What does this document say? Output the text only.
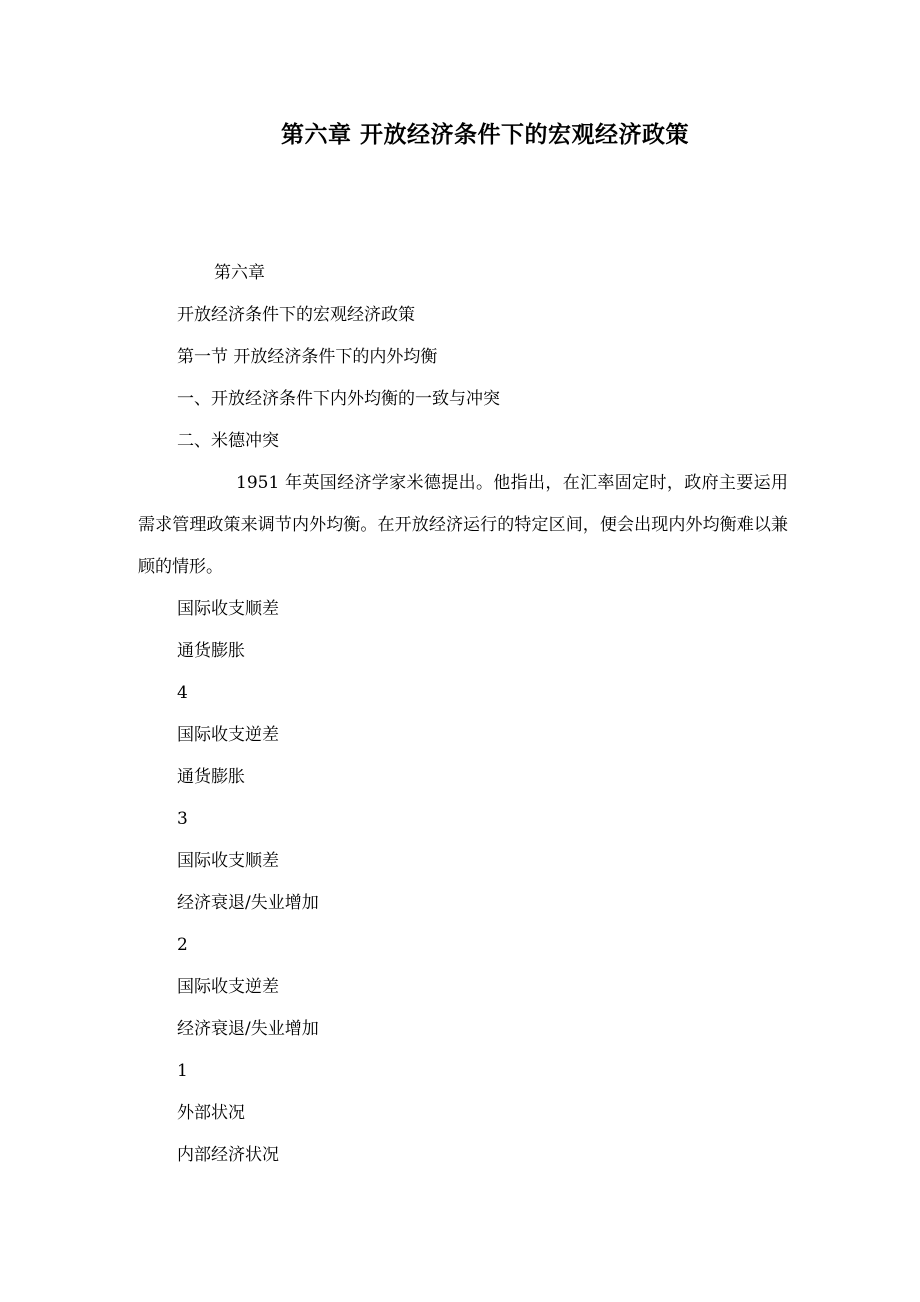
第六章 开放经济条件下的宏观经济政策
第六章
开放经济条件下的宏观经济政策
第一节 开放经济条件下的内外均衡
一、开放经济条件下内外均衡的一致与冲突
二、米德冲突
1951 年英国经济学家米德提出。他指出，在汇率固定时，政府主要运用需求管理政策来调节内外均衡。在开放经济运行的特定区间，便会出现内外均衡难以兼顾的情形。
国际收支顺差
通货膨胀
4
国际收支逆差
通货膨胀
3
国际收支顺差
经济衰退/失业增加
2
国际收支逆差
经济衰退/失业增加
1
外部状况
内部经济状况
